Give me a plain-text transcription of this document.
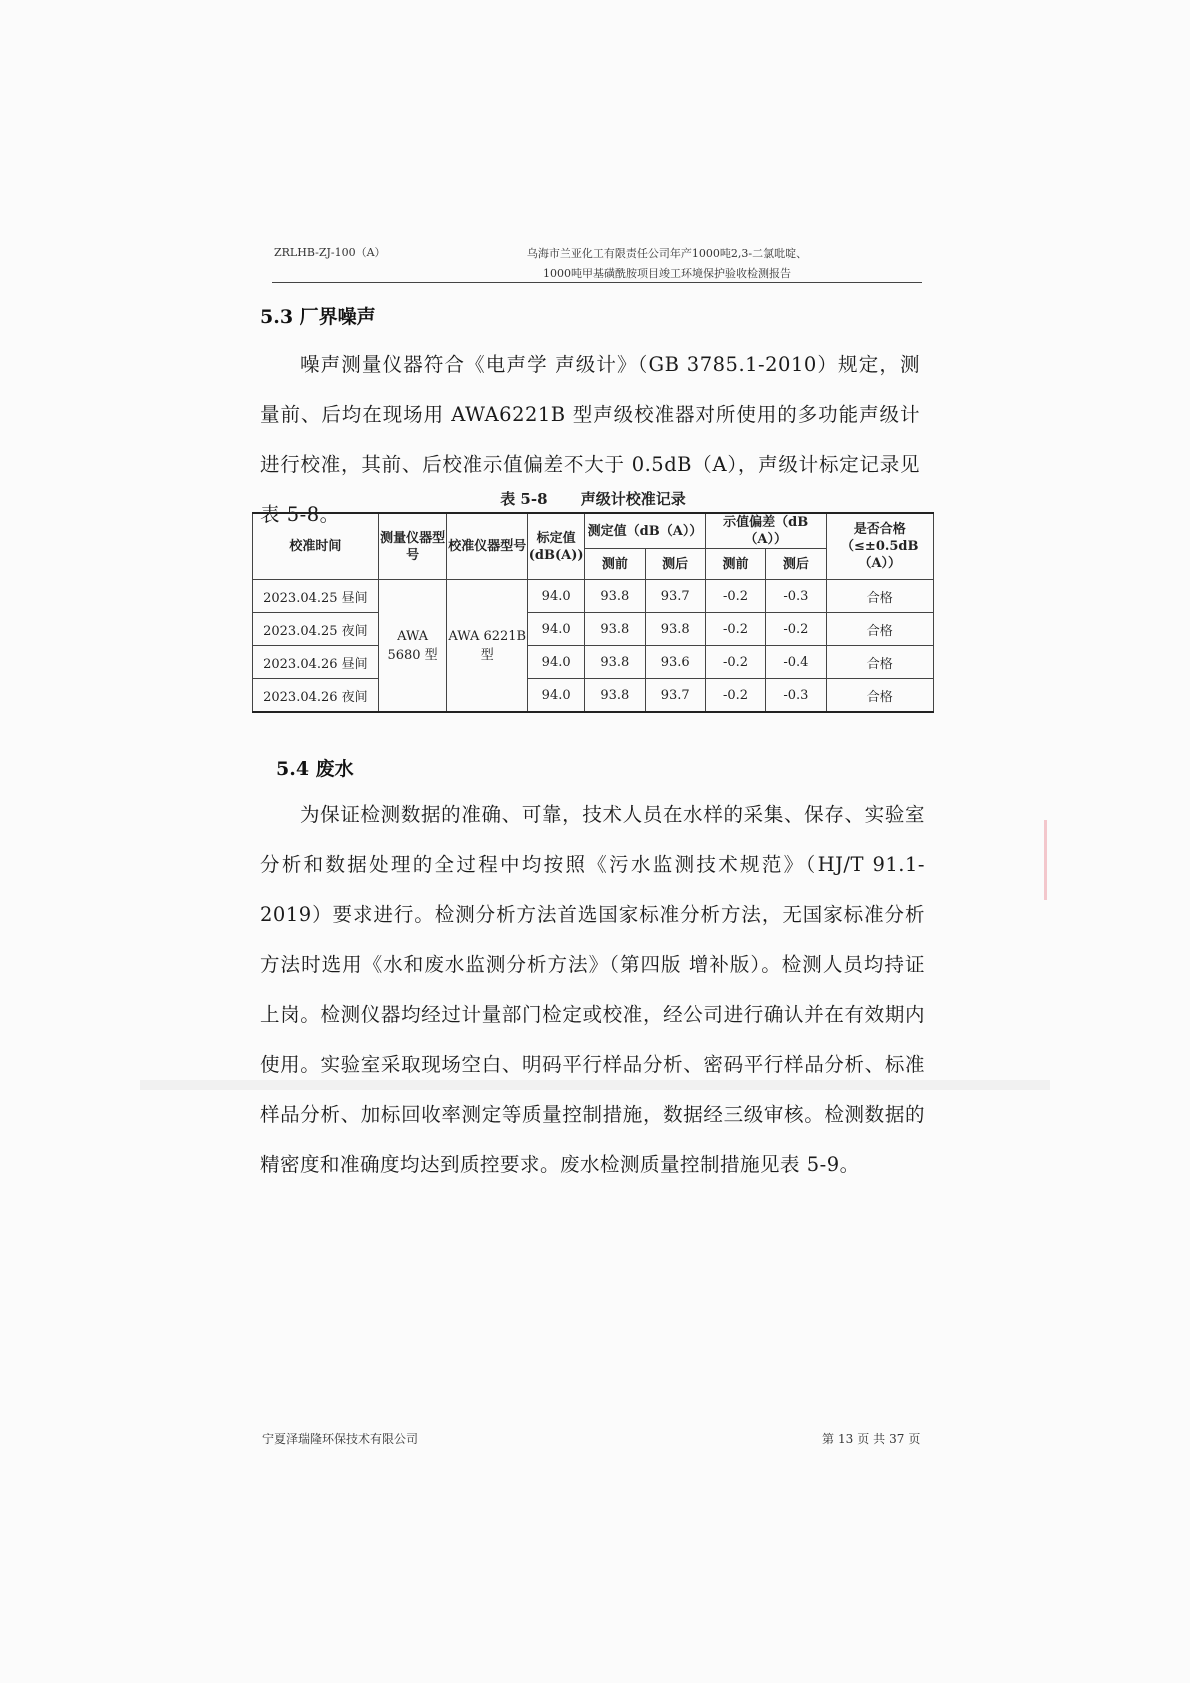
ZRLHB-ZJ-100（A）	乌海市兰亚化工有限责任公司年产1000吨2,3-二氯吡啶、
1000吨甲基磺酰胺项目竣工环境保护验收检测报告
5.3 厂界噪声

噪声测量仪器符合《电声学 声级计》（GB 3785.1-2010）规定，测量前、后均在现场用 AWA6221B 型声级校准器对所使用的多功能声级计进行校准，其前、后校准示值偏差不大于 0.5dB（A），声级计标定记录见表 5-8。

表 5-8 声级计校准记录
校准时间	测量仪器型号	校准仪器型号	标定值(dB(A))	测定值（dB（A））		示值偏差（dB（A））		是否合格（≤±0.5dB（A））
				测前	测后	测前	测后	
2023.04.25 昼间	AWA 5680 型	AWA 6221B 型	94.0	93.8	93.7	-0.2	-0.3	合格
2023.04.25 夜间			94.0	93.8	93.8	-0.2	-0.2	合格
2023.04.26 昼间			94.0	93.8	93.6	-0.2	-0.4	合格
2023.04.26 夜间			94.0	93.8	93.7	-0.2	-0.3	合格
5.4 废水

为保证检测数据的准确、可靠，技术人员在水样的采集、保存、实验室分析和数据处理的全过程中均按照《污水监测技术规范》（HJ/T 91.1-2019）要求进行。检测分析方法首选国家标准分析方法，无国家标准分析方法时选用《水和废水监测分析方法》（第四版 增补版）。检测人员均持证上岗。检测仪器均经过计量部门检定或校准，经公司进行确认并在有效期内使用。实验室采取现场空白、明码平行样品分析、密码平行样品分析、标准样品分析、加标回收率测定等质量控制措施，数据经三级审核。检测数据的精密度和准确度均达到质控要求。废水检测质量控制措施见表 5-9。

宁夏泽瑞隆环保技术有限公司	第 13 页 共 37 页
